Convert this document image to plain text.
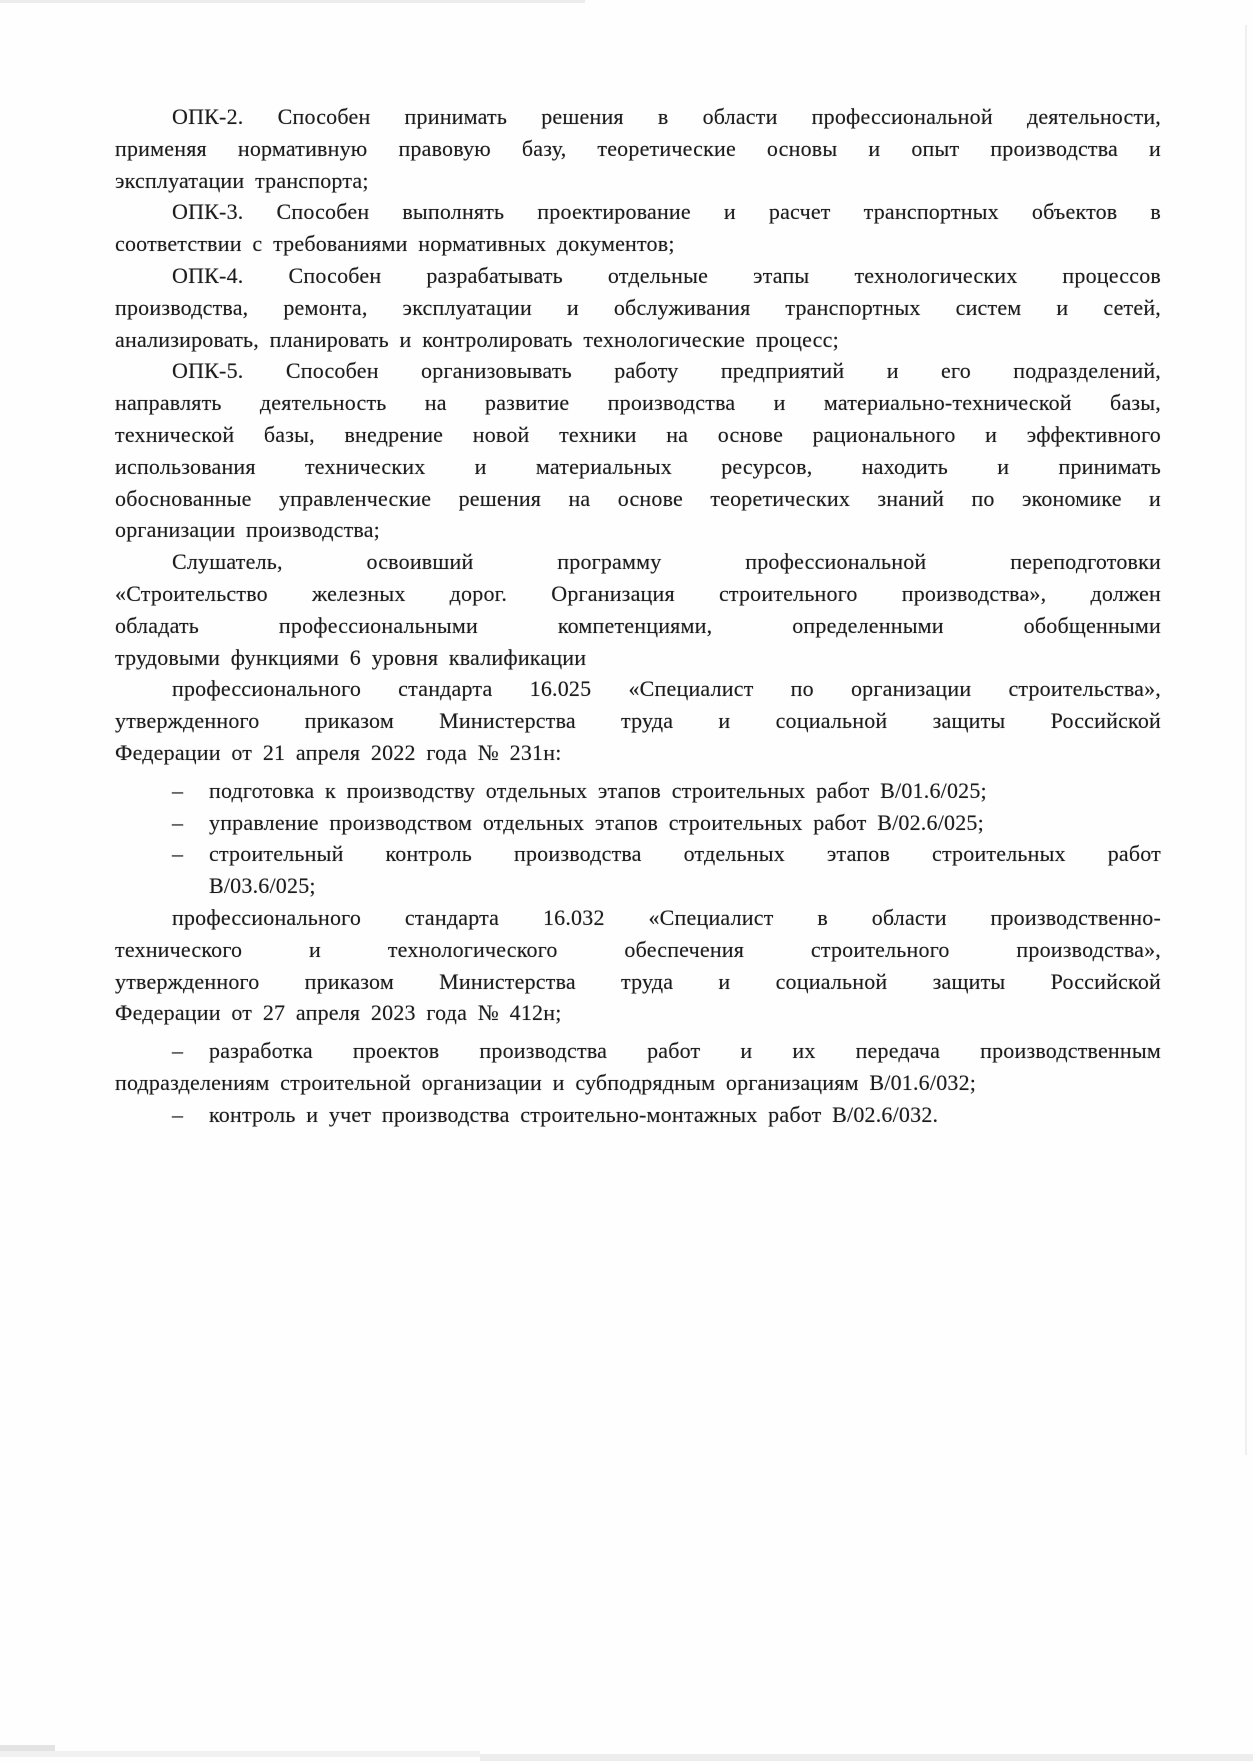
ОПК-2. Способен принимать решения в области профессиональной деятельности,
применяя нормативную правовую базу, теоретические основы и опыт производства и
эксплуатации транспорта;
ОПК-3. Способен выполнять проектирование и расчет транспортных объектов в
соответствии с требованиями нормативных документов;
ОПК-4. Способен разрабатывать отдельные этапы технологических процессов
производства, ремонта, эксплуатации и обслуживания транспортных систем и сетей,
анализировать, планировать и контролировать технологические процесс;
ОПК-5. Способен организовывать работу предприятий и его подразделений,
направлять деятельность на развитие производства и материально-технической базы,
технической базы, внедрение новой техники на основе рационального и эффективного
использования технических и материальных ресурсов, находить и принимать
обоснованные управленческие решения на основе теоретических знаний по экономике и
организации производства;
Слушатель, освоивший программу профессиональной переподготовки
«Строительство железных дорог. Организация строительного производства», должен
обладать профессиональными компетенциями, определенными обобщенными
трудовыми функциями 6 уровня квалификации
профессионального стандарта 16.025 «Специалист по организации строительства»,
утвержденного приказом Министерства труда и социальной защиты Российской
Федерации от 21 апреля 2022 года № 231н:
– подготовка к производству отдельных этапов строительных работ В/01.6/025;
– управление производством отдельных этапов строительных работ В/02.6/025;
– строительный контроль производства отдельных этапов строительных работ
В/03.6/025;
профессионального стандарта 16.032 «Специалист в области производственно-
технического и технологического обеспечения строительного производства»,
утвержденного приказом Министерства труда и социальной защиты Российской
Федерации от 27 апреля 2023 года № 412н;
– разработка проектов производства работ и их передача производственным
подразделениям строительной организации и субподрядным организациям В/01.6/032;
– контроль и учет производства строительно-монтажных работ В/02.6/032.
